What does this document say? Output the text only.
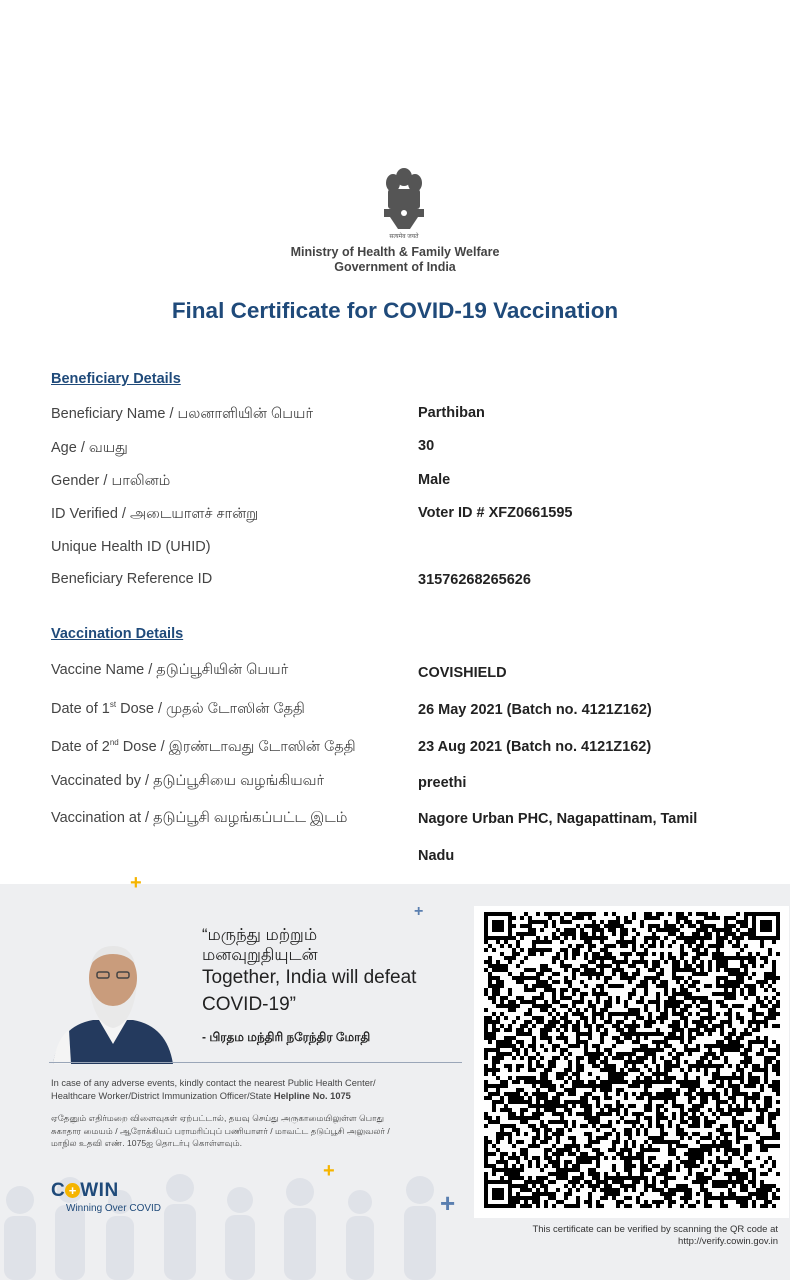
सत्यमेव जयते
Ministry of Health & Family Welfare
Government of India
Final Certificate for COVID-19 Vaccination
Beneficiary Details
Beneficiary Name / பலனாளியின் பெயர்	Parthiban
Age / வயது	30
Gender / பாலினம்	Male
ID Verified / அடையாளச் சான்று	Voter ID # XFZ0661595
Unique Health ID (UHID)
Beneficiary Reference ID	31576268265626
Vaccination Details
Vaccine Name / தடுப்பூசியின் பெயர்	COVISHIELD
Date of 1st Dose / முதல் டோஸின் தேதி	26 May 2021 (Batch no. 4121Z162)
Date of 2nd Dose / இரண்டாவது டோஸின் தேதி	23 Aug 2021 (Batch no. 4121Z162)
Vaccinated by / தடுப்பூசியை வழங்கியவர்	preethi
Vaccination at / தடுப்பூசி வழங்கப்பட்ட இடம்	Nagore Urban PHC, Nagapattinam, Tamil
Nadu
+
+
+
+
“மருந்து மற்றும்
மனவுறுதியுடன்
Together, India will defeat
COVID-19”
- பிரதம மந்திரி நரேந்திர மோதி
In case of any adverse events, kindly contact the nearest Public Health Center/
Healthcare Worker/District Immunization Officer/State Helpline No. 1075
ஏதேனும் எதிர்மறை விளைவுகள் ஏற்பட்டால், தயவு செய்து அருகாமையிலுள்ள பொது
சுகாதார மையம் / ஆரோக்கியப் பராமரிப்புப் பணியாளர் / மாவட்ட தடுப்பூசி அலுவலர் /
மாநில உதவி எண். 1075ஐ தொடர்பு கொள்ளவும்.
C + WIN
Winning Over COVID
This certificate can be verified by scanning the QR code at
http://verify.cowin.gov.in
